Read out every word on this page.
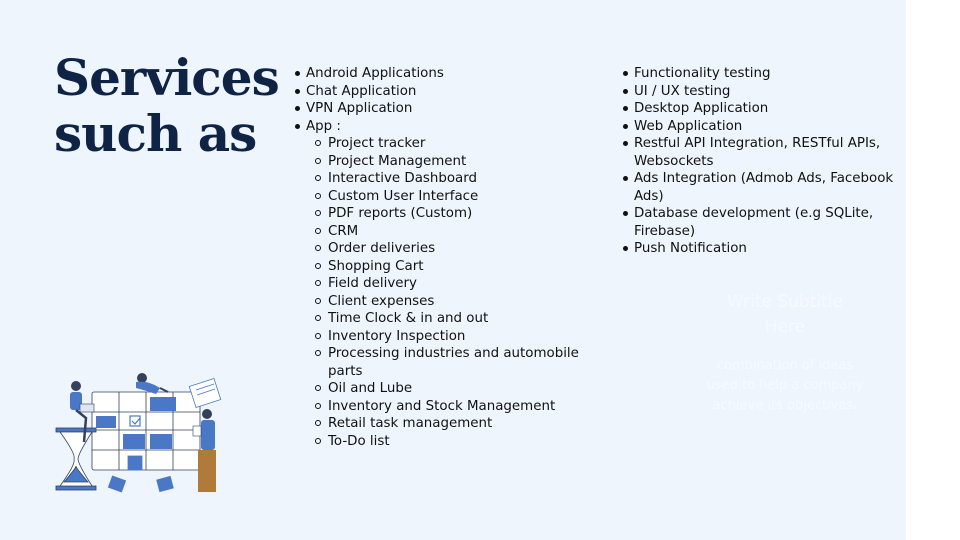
Services
such as
Android Applications
Chat Application
VPN Application
App :
Project tracker
Project Management
Interactive Dashboard
Custom User Interface
PDF reports (Custom)
CRM
Order deliveries
Shopping Cart
Field delivery
Client expenses
Time Clock & in and out
Inventory Inspection
Processing industries and automobile parts
Oil and Lube
Inventory and Stock Management
Retail task management
To-Do list
Functionality testing
UI / UX testing
Desktop Application
Web Application
Restful API Integration, RESTful APIs, Websockets
Ads Integration (Admob Ads, Facebook Ads)
Database development (e.g SQLite, Firebase)
Push Notification
Write Subtitle Here
combination of ideas used to help a company achieve its objectives.
